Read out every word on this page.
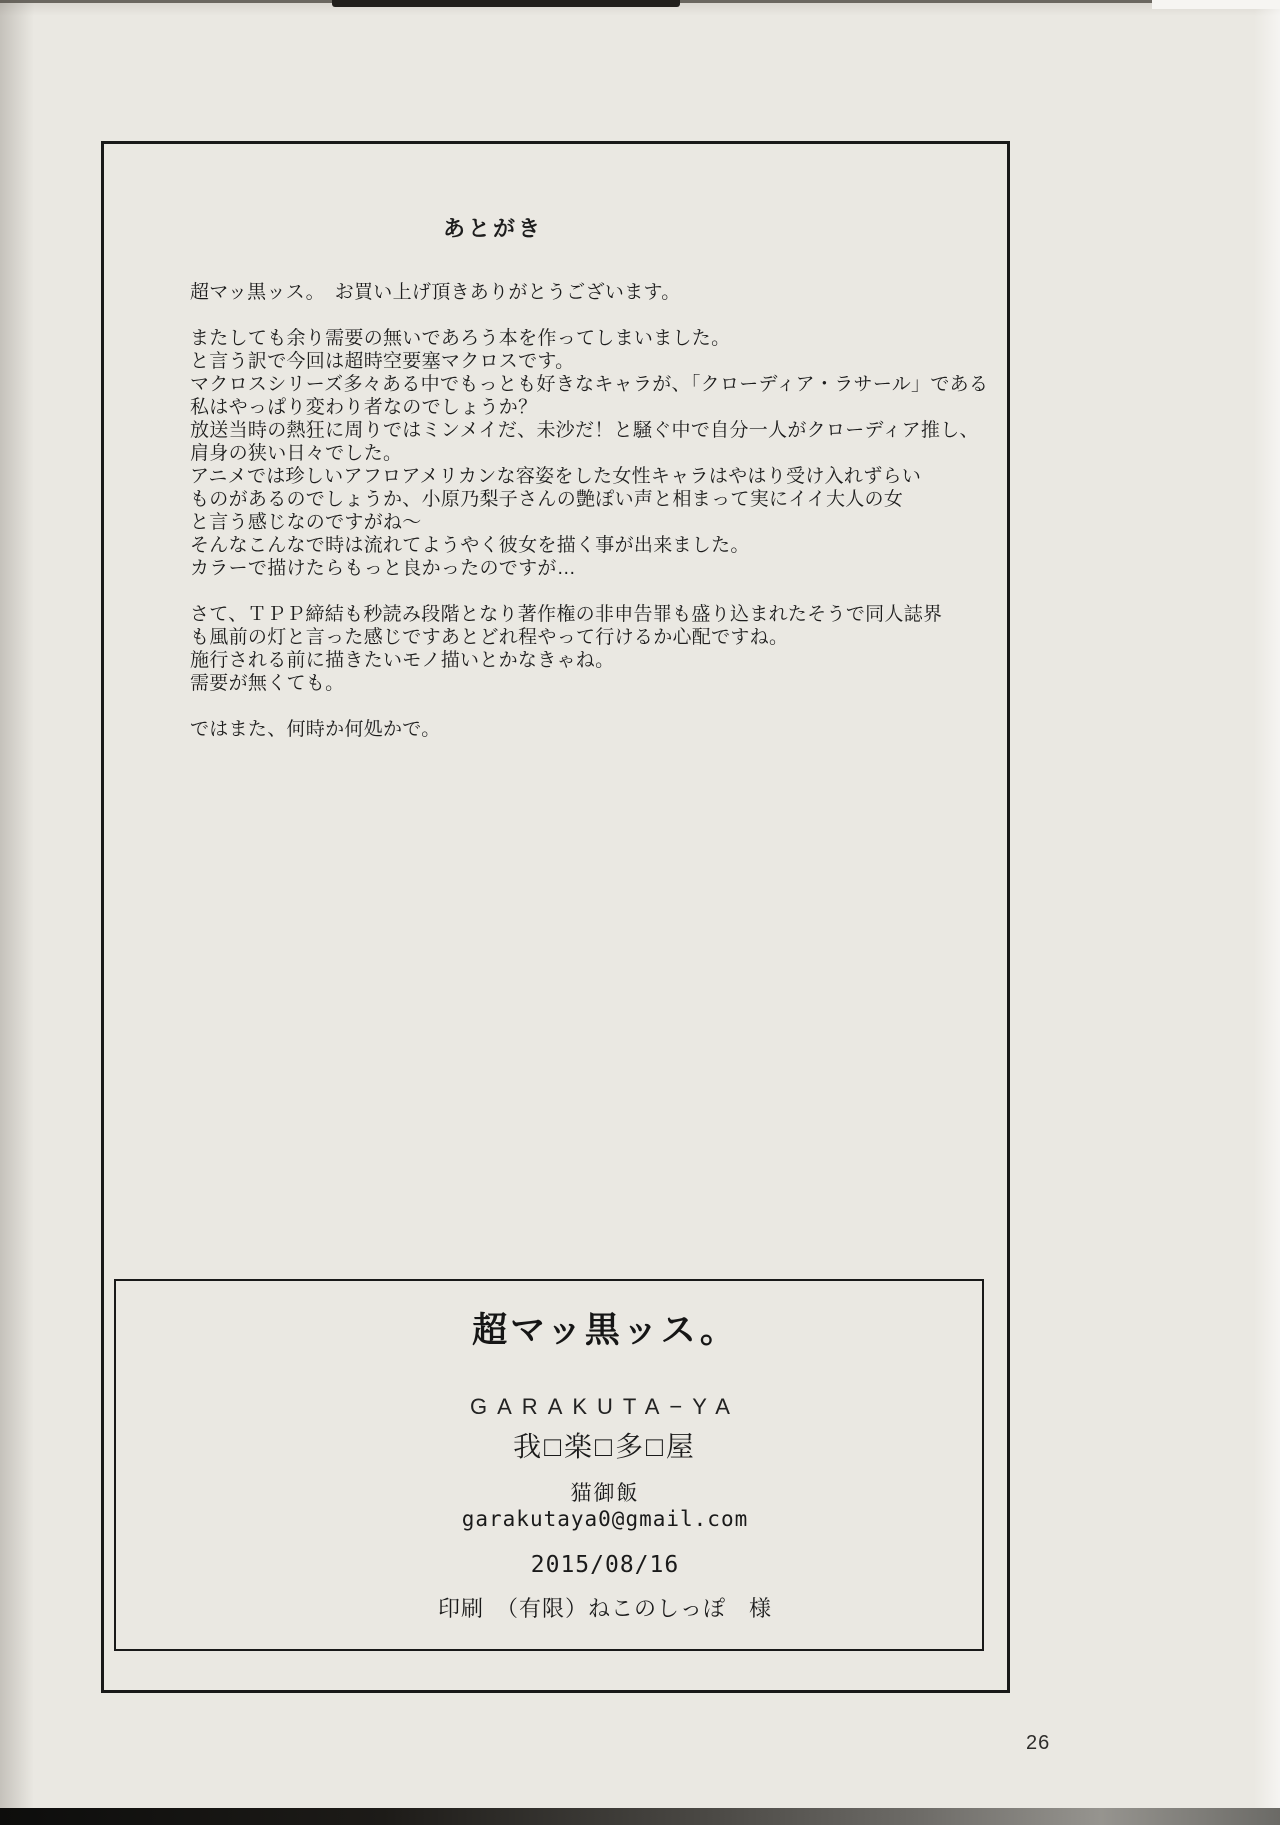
あとがき
超マッ黒ッス。　お買い上げ頂きありがとうございます。

またしても余り需要の無いであろう本を作ってしまいました。
と言う訳で今回は超時空要塞マクロスです。
マクロスシリーズ多々ある中でもっとも好きなキャラが、「クローディア・ラサール」である
私はやっぱり変わり者なのでしょうか？
放送当時の熱狂に周りではミンメイだ、未沙だ！と騒ぐ中で自分一人がクローディア推し、
肩身の狭い日々でした。
アニメでは珍しいアフロアメリカンな容姿をした女性キャラはやはり受け入れずらい
ものがあるのでしょうか、小原乃梨子さんの艶ぽい声と相まって実にイイ大人の女
と言う感じなのですがね〜
そんなこんなで時は流れてようやく彼女を描く事が出来ました。
カラーで描けたらもっと良かったのですが…

さて、ＴＰＰ締結も秒読み段階となり著作権の非申告罪も盛り込まれたそうで同人誌界
も風前の灯と言った感じですあとどれ程やって行けるか心配ですね。
施行される前に描きたいモノ描いとかなきゃね。
需要が無くても。

ではまた、何時か何処かで。
超マッ黒ッス。
GARAKUTA−YA
我□楽□多□屋
猫御飯
garakutaya0@gmail.com
2015/08/16
印刷　（有限）ねこのしっぽ　様
26
